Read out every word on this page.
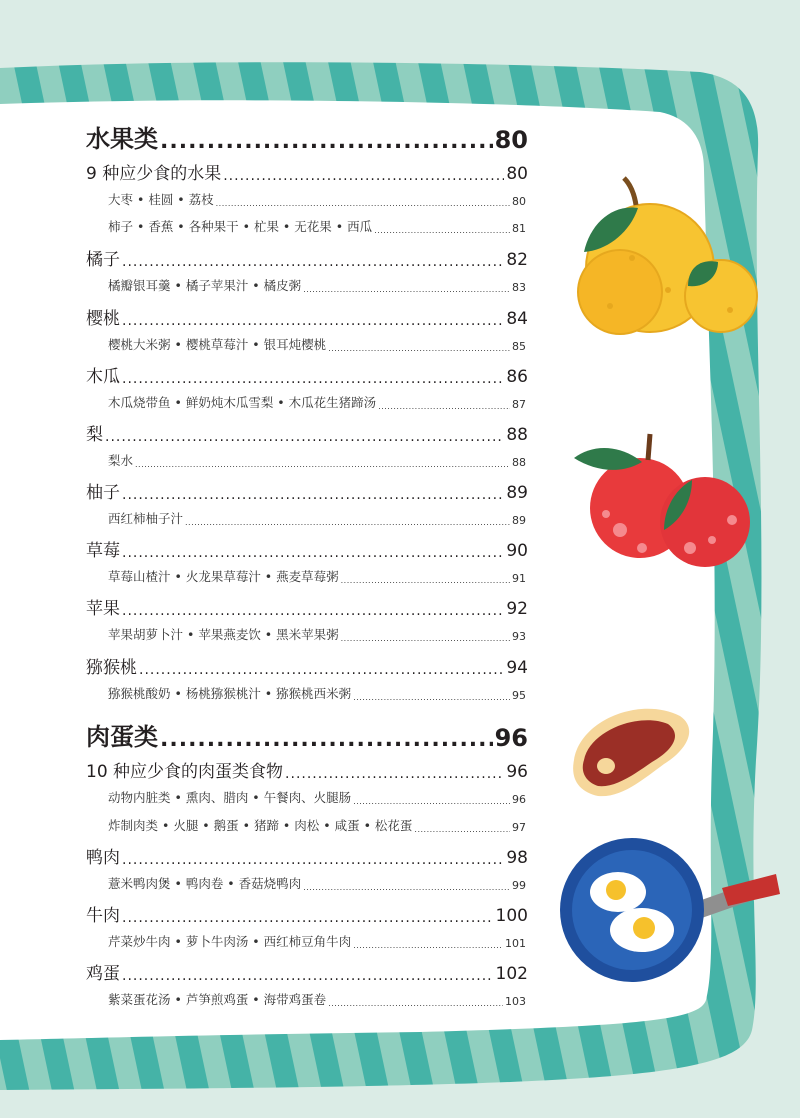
水果类 .....	80
9 种应少食的水果 .....	80
大枣 • 桂圆 • 荔枝 .....	80
柿子 • 香蕉 • 各种果干 • 杧果 • 无花果 • 西瓜 .....	81
橘子 .....	82
橘瓣银耳羹 • 橘子苹果汁 • 橘皮粥 .....	83
樱桃 .....	84
樱桃大米粥 • 樱桃草莓汁 • 银耳炖樱桃 .....	85
木瓜 .....	86
木瓜烧带鱼 • 鲜奶炖木瓜雪梨 • 木瓜花生猪蹄汤 .....	87
梨 .....	88
梨水 .....	88
柚子 .....	89
西红柿柚子汁 .....	89
草莓 .....	90
草莓山楂汁 • 火龙果草莓汁 • 燕麦草莓粥 .....	91
苹果 .....	92
苹果胡萝卜汁 • 苹果燕麦饮 • 黑米苹果粥 .....	93
猕猴桃 .....	94
猕猴桃酸奶 • 杨桃猕猴桃汁 • 猕猴桃西米粥 .....	95
肉蛋类 .....	96
10 种应少食的肉蛋类食物 .....	96
动物内脏类 • 熏肉、腊肉 • 午餐肉、火腿肠 .....	96
炸制肉类 • 火腿 • 鹅蛋 • 猪蹄 • 肉松 • 咸蛋 • 松花蛋 .....	97
鸭肉 .....	98
薏米鸭肉煲 • 鸭肉卷 • 香菇烧鸭肉 .....	99
牛肉 .....	100
芹菜炒牛肉 • 萝卜牛肉汤 • 西红柿豆角牛肉 .....	101
鸡蛋 .....	102
紫菜蛋花汤 • 芦笋煎鸡蛋 • 海带鸡蛋卷 .....	103
